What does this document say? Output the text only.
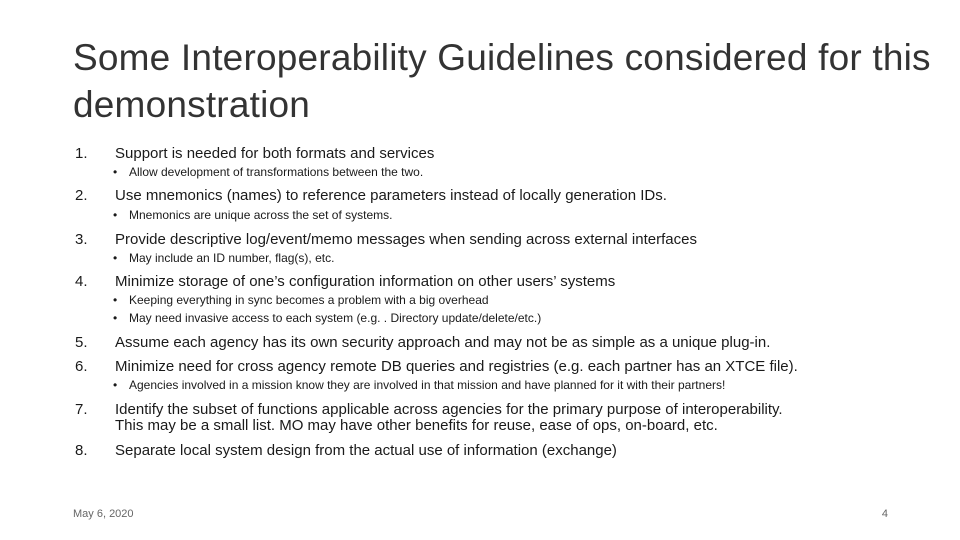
Some Interoperability Guidelines considered for this demonstration
1. Support is needed for both formats and services
• Allow development of transformations between the two.
2. Use mnemonics (names) to reference parameters instead of locally generation IDs.
• Mnemonics are unique across the set of systems.
3. Provide descriptive log/event/memo messages when sending across external interfaces
• May include an ID number, flag(s), etc.
4. Minimize storage of one’s configuration information on other users’ systems
• Keeping everything in sync becomes a problem with a big overhead
• May need invasive access to each system (e.g. . Directory update/delete/etc.)
5. Assume each agency has its own security approach and may not be as simple as a unique plug-in.
6. Minimize need for cross agency remote DB queries and registries (e.g. each partner has an XTCE file).
• Agencies involved in a mission know they are involved in that mission and have planned for it with their partners!
7. Identify the subset of functions applicable across agencies for the primary purpose of interoperability.
This may be a small list. MO may have other benefits for reuse, ease of ops, on-board, etc.
8. Separate local system design from the actual use of information (exchange)
May 6, 2020	4
